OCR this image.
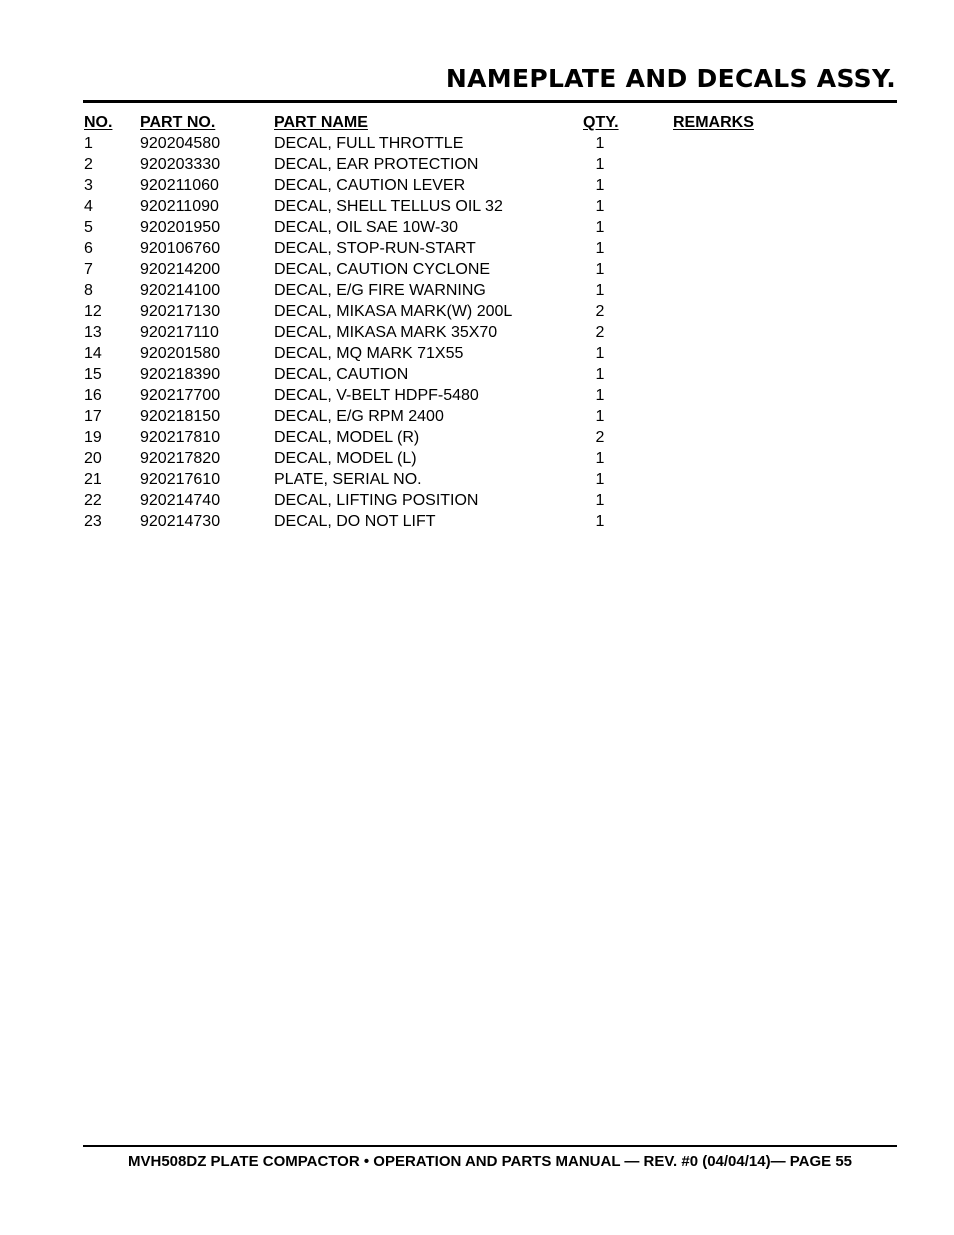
NAMEPLATE AND DECALS ASSY.
NO. PART NO.	PART NAME	QTY.	REMARKS
1	920204580	DECAL, FULL THROTTLE	1
2	920203330	DECAL, EAR PROTECTION	1
3	920211060	DECAL, CAUTION LEVER	1
4	920211090	DECAL, SHELL TELLUS OIL 32	1
5	920201950	DECAL, OIL SAE 10W-30	1
6	920106760	DECAL, STOP-RUN-START	1
7	920214200	DECAL, CAUTION CYCLONE	1
8	920214100	DECAL, E/G FIRE WARNING	1
12 920217130	DECAL, MIKASA MARK(W) 200L	2
13 920217110	DECAL, MIKASA MARK 35X70	2
14 920201580	DECAL, MQ MARK 71X55	1
15 920218390	DECAL, CAUTION	1
16 920217700	DECAL, V-BELT HDPF-5480	1
17 920218150	DECAL, E/G RPM 2400	1
19 920217810	DECAL, MODEL (R)	2
20 920217820	DECAL, MODEL (L)	1
21 920217610	PLATE, SERIAL NO.	1
22 920214740	DECAL, LIFTING POSITION	1
23 920214730	DECAL, DO NOT LIFT	1
MVH508DZ PLATE COMPACTOR • OPERATION AND PARTS MANUAL — REV. #0 (04/04/14)— PAGE 55
